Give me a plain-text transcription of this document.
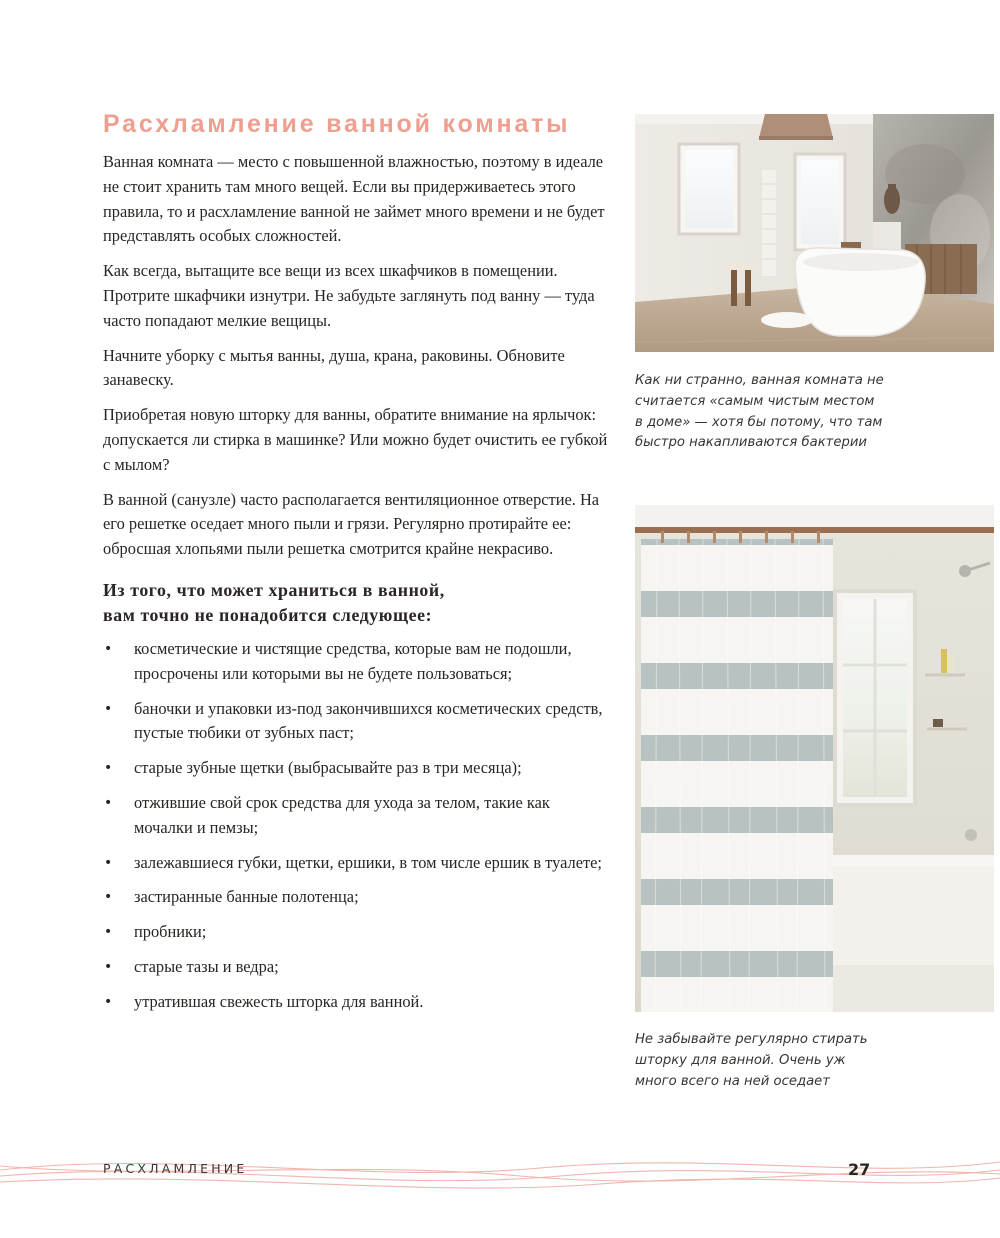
Расхламление ванной комнаты

Ванная комната — место с повышенной влажностью, поэтому в идеале не стоит хранить там много вещей. Если вы придерживаетесь этого правила, то и расхламление ванной не займет много времени и не будет представлять особых сложностей.

Как всегда, вытащите все вещи из всех шкафчиков в помещении. Протрите шкафчики изнутри. Не забудьте заглянуть под ванну — туда часто попадают мелкие вещицы.

Начните уборку с мытья ванны, душа, крана, раковины. Обновите занавеску.

Приобретая новую шторку для ванны, обратите внимание на ярлычок: допускается ли стирка в машинке? Или можно будет очистить ее губкой с мылом?

В ванной (санузле) часто располагается вентиляционное отверстие. На его решетке оседает много пыли и грязи. Регулярно протирайте ее: обросшая хлопьями пыли решетка смотрится крайне некрасиво.

Из того, что может храниться в ванной,
вам точно не понадобится следующее:
• косметические и чистящие средства, которые вам не подошли, просрочены или которыми вы не будете пользоваться;
• баночки и упаковки из-под закончившихся косметических средств, пустые тюбики от зубных паст;
• старые зубные щетки (выбрасывайте раз в три месяца);
• отжившие свой срок средства для ухода за телом, такие как мочалки и пемзы;
• залежавшиеся губки, щетки, ершики, в том числе ершик в туалете;
• застиранные банные полотенца;
• пробники;
• старые тазы и ведра;
• утратившая свежесть шторка для ванной.

Как ни странно, ванная комната не считается «самым чистым местом в доме» — хотя бы потому, что там быстро накапливаются бактерии

Не забывайте регулярно стирать шторку для ванной. Очень уж много всего на ней оседает

РАСХЛАМЛЕНИЕ	27
